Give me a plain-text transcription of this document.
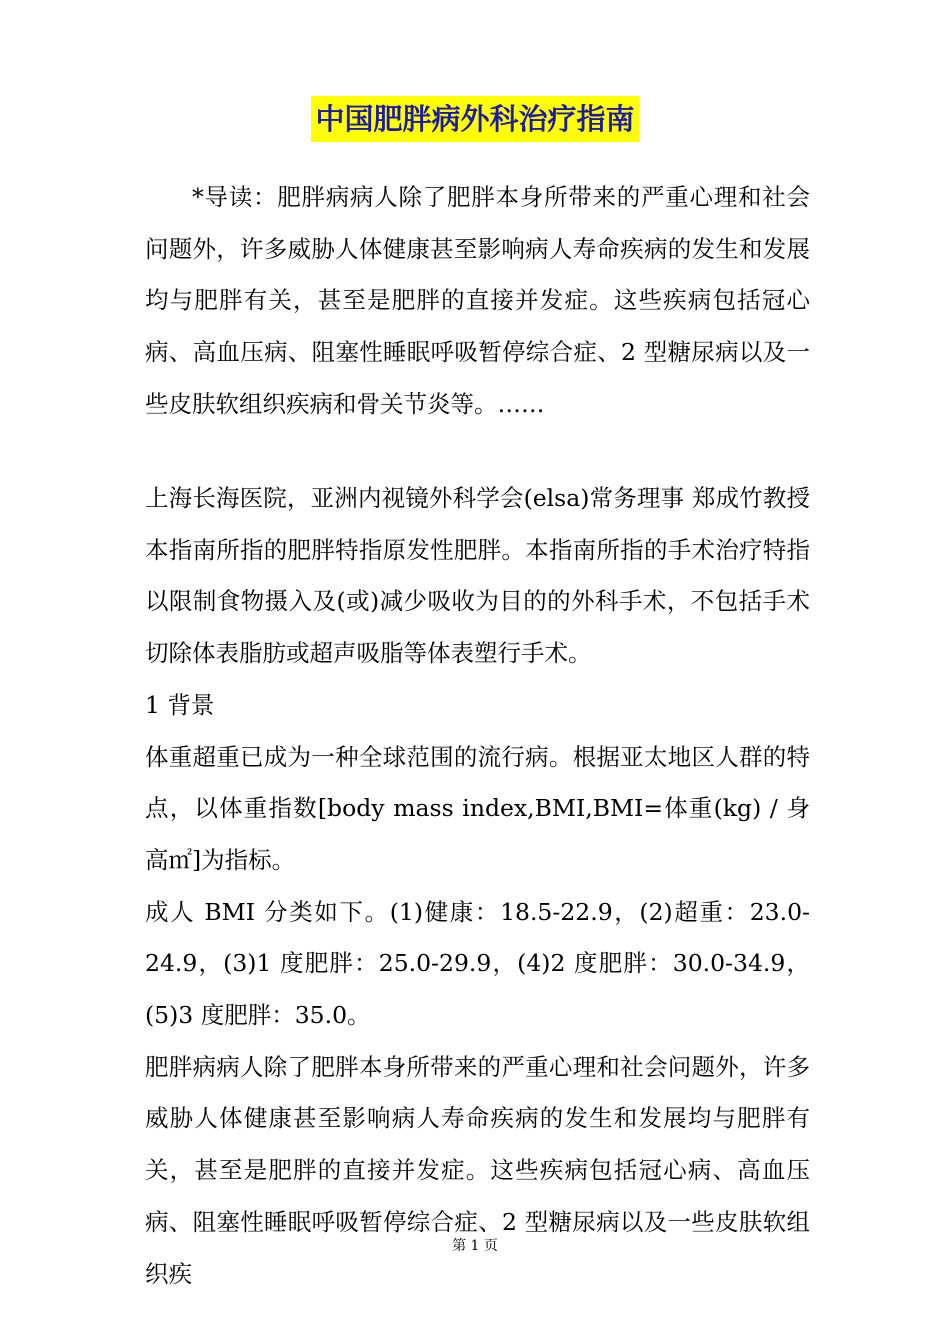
中国肥胖病外科治疗指南

*导读：肥胖病病人除了肥胖本身所带来的严重心理和社会问题外，许多威胁人体健康甚至影响病人寿命疾病的发生和发展均与肥胖有关，甚至是肥胖的直接并发症。这些疾病包括冠心病、高血压病、阻塞性睡眠呼吸暂停综合症、2 型糖尿病以及一些皮肤软组织疾病和骨关节炎等。……

上海长海医院，亚洲内视镜外科学会(elsa)常务理事 郑成竹教授　本指南所指的肥胖特指原发性肥胖。本指南所指的手术治疗特指以限制食物摄入及(或)减少吸收为目的的外科手术，不包括手术切除体表脂肪或超声吸脂等体表塑行手术。

1 背景

体重超重已成为一种全球范围的流行病。根据亚太地区人群的特点，以体重指数[body mass index,BMI,BMI=体重(kg) / 身高㎡]为指标。

成人 BMI 分类如下。(1)健康：18.5-22.9，(2)超重：23.0-24.9，(3)1 度肥胖：25.0-29.9，(4)2 度肥胖：30.0-34.9，(5)3 度肥胖：35.0。

肥胖病病人除了肥胖本身所带来的严重心理和社会问题外，许多威胁人体健康甚至影响病人寿命疾病的发生和发展均与肥胖有关，甚至是肥胖的直接并发症。这些疾病包括冠心病、高血压病、阻塞性睡眠呼吸暂停综合症、2 型糖尿病以及一些皮肤软组织疾

第 1 页
